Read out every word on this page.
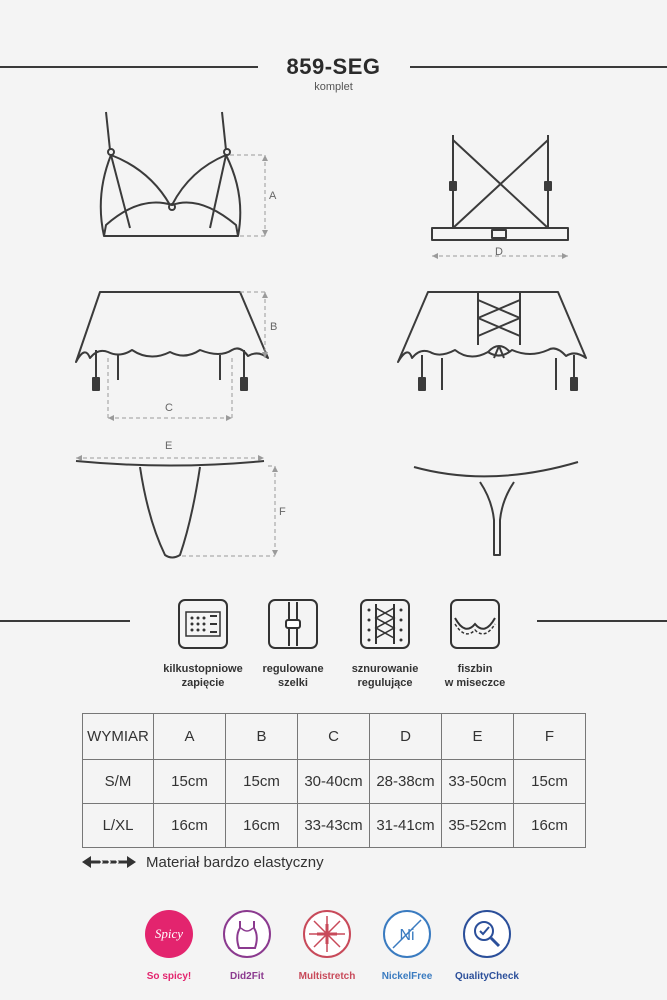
859-SEG
komplet
A
D
B
C
E
F
kilkustopniowe
zapięcie
regulowane
szelki
sznurowanie
regulujące
fiszbin
w miseczce
WYMIAR	A	B	C	D	E	F
S/M	15cm	15cm	30-40cm	28-38cm	33-50cm	15cm
L/XL	16cm	16cm	33-43cm	31-41cm	35-52cm	16cm
Materiał bardzo elastyczny
Spicy
So spicy!	Did2Fit	Multistretch
Ni
NickelFree	QualityCheck
